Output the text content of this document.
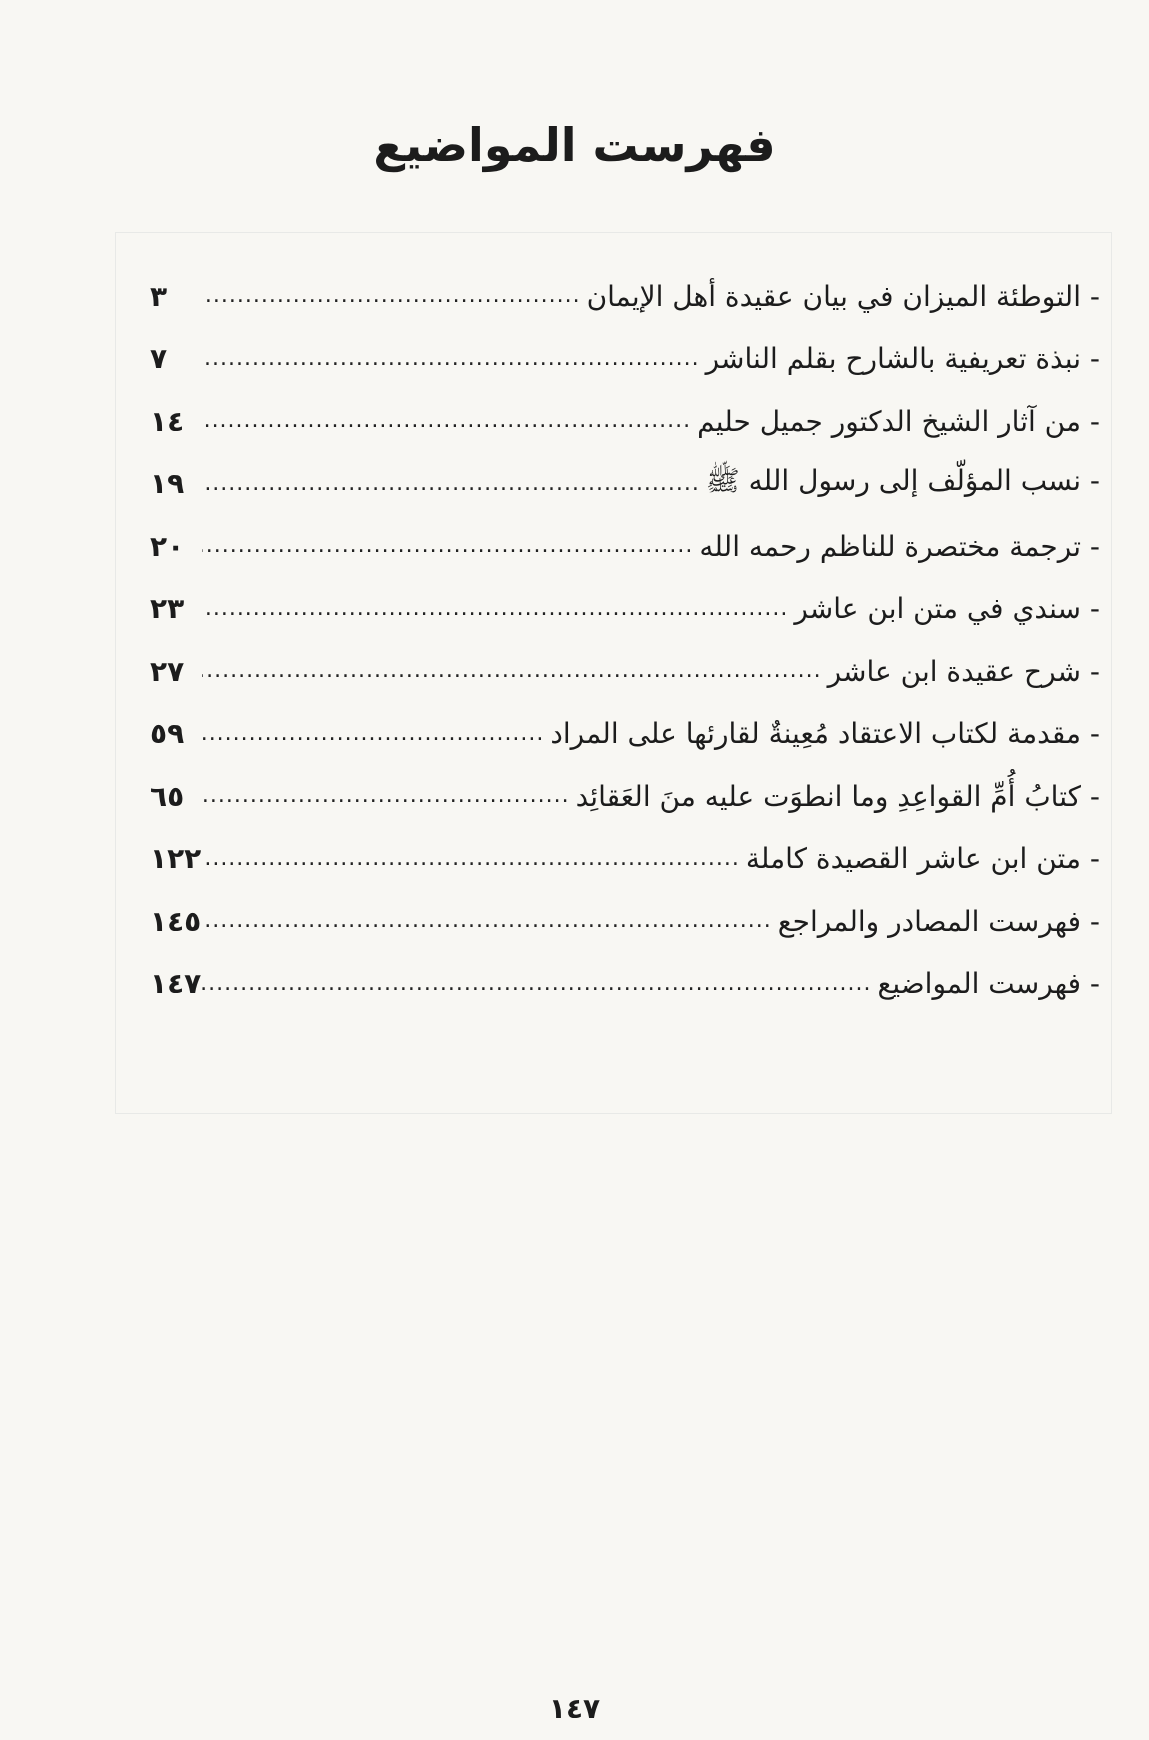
فهرست المواضيع
- التوطئة الميزان في بيان عقيدة أهل الإيمان
.....
٣
- نبذة تعريفية بالشارح بقلم الناشر
.....
٧
- من آثار الشيخ الدكتور جميل حليم
.....
١٤
- نسب المؤلّف إلى رسول الله ﷺ
.....
١٩
- ترجمة مختصرة للناظم رحمه الله
.....
٢٠
- سندي في متن ابن عاشر
.....
٢٣
- شرح عقيدة ابن عاشر
.....
٢٧
- مقدمة لكتاب الاعتقاد مُعِينةٌ لقارئها على المراد
.....
٥٩
- كتابُ أُمِّ القواعِدِ وما انطوَت عليه منَ العَقائِد
.....
٦٥
- متن ابن عاشر القصيدة كاملة
.....
١٢٢
- فهرست المصادر والمراجع
.....
١٤٥
- فهرست المواضيع
.....
١٤٧
١٤٧
